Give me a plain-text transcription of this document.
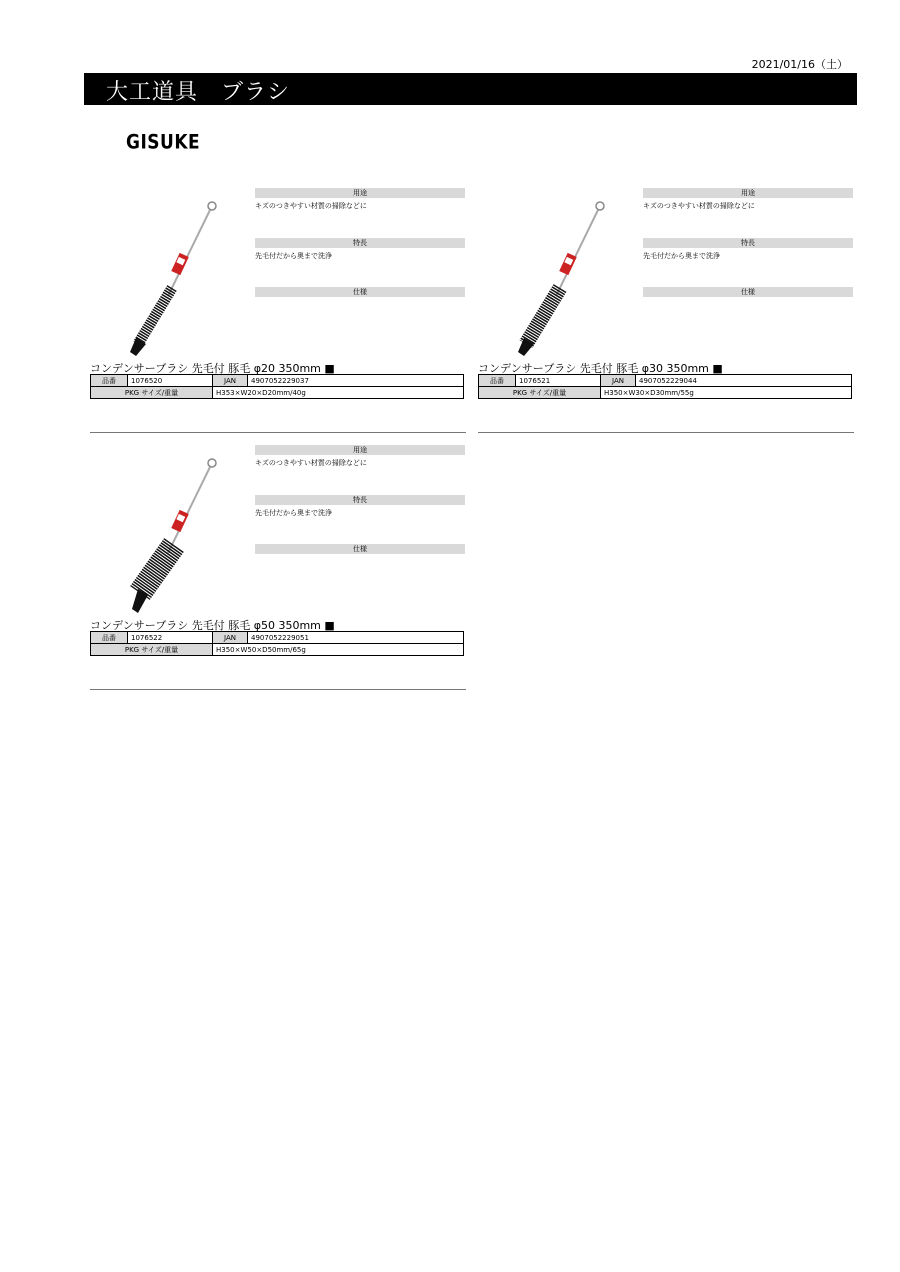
2021/01/16（土）
大工道具　ブラシ
GISUKE
用途
キズのつきやすい材質の掃除などに
特長
先毛付だから奥まで洗浄
仕様
コンデンサーブラシ 先毛付 豚毛 φ20 350mm ■
品番	1076520	JAN	4907052229037
PKG サイズ/重量		H353×W20×D20mm/40g	
用途
キズのつきやすい材質の掃除などに
特長
先毛付だから奥まで洗浄
仕様
コンデンサーブラシ 先毛付 豚毛 φ30 350mm ■
品番	1076521	JAN	4907052229044
PKG サイズ/重量		H350×W30×D30mm/55g	
用途
キズのつきやすい材質の掃除などに
特長
先毛付だから奥まで洗浄
仕様
コンデンサーブラシ 先毛付 豚毛 φ50 350mm ■
品番	1076522	JAN	4907052229051
PKG サイズ/重量		H350×W50×D50mm/65g	
